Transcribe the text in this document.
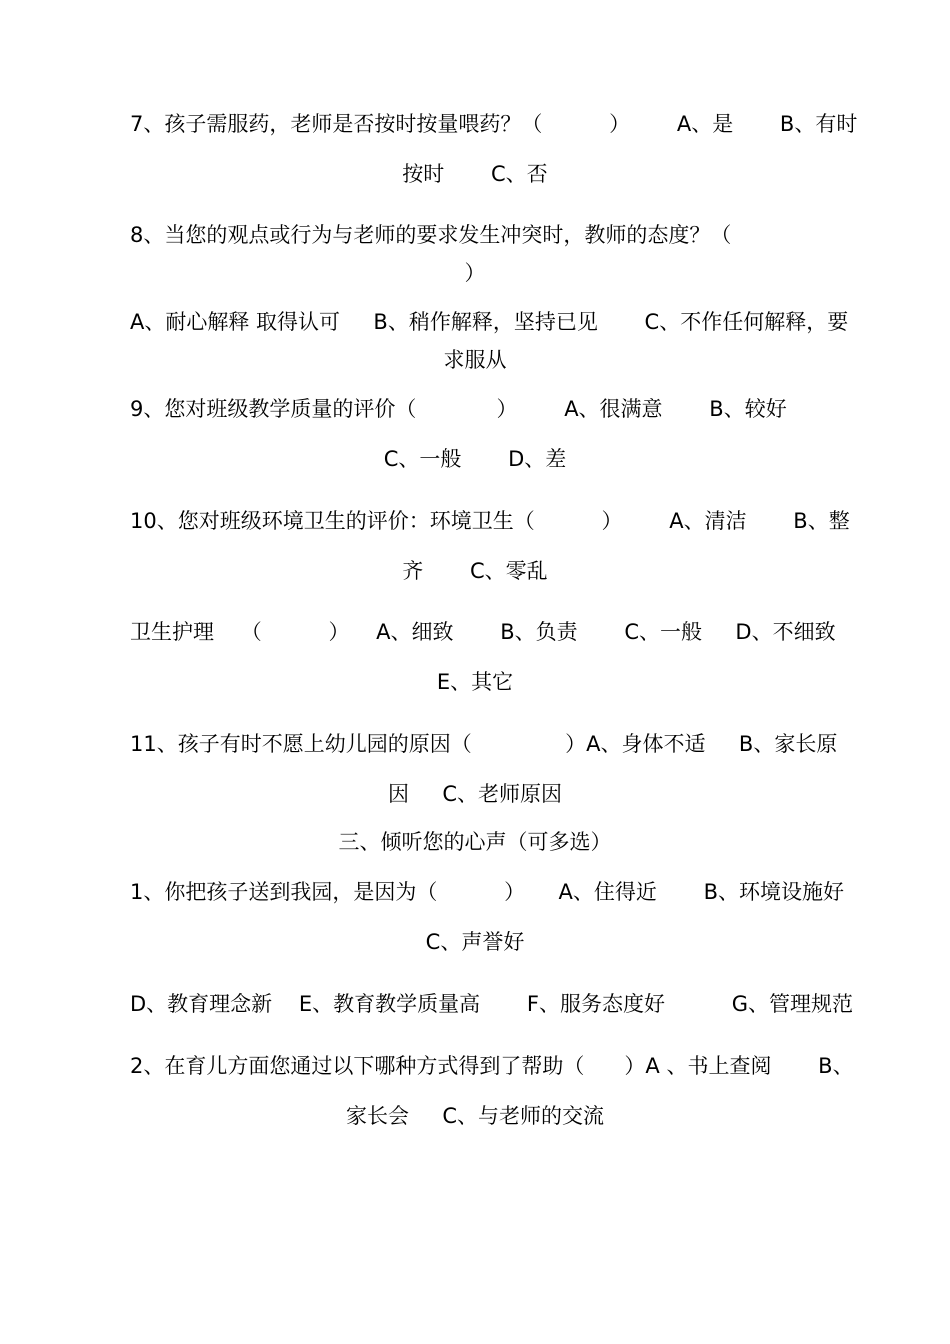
7、孩子需服药，老师是否按时按量喂药？（          ）       A、是       B、有时
按时       C、否
8、当您的观点或行为与老师的要求发生冲突时，教师的态度？（
）
A、耐心解释 取得认可     B、稍作解释，坚持已见       C、不作任何解释，要
求服从
9、您对班级教学质量的评价（            ）       A、很满意       B、较好
C、一般       D、差
10、您对班级环境卫生的评价：环境卫生（          ）       A、清洁       B、整
齐       C、零乱
卫生护理    （          ）    A、细致       B、负责       C、一般     D、不细致
E、其它
11、孩子有时不愿上幼儿园的原因（              ）A、身体不适     B、家长原
因     C、老师原因
三、倾听您的心声（可多选）
1、你把孩子送到我园，是因为（          ）     A、住得近       B、环境设施好
C、声誉好
D、教育理念新    E、教育教学质量高       F、服务态度好          G、管理规范
2、在育儿方面您通过以下哪种方式得到了帮助（      ）A 、书上查阅       B、
家长会     C、与老师的交流
